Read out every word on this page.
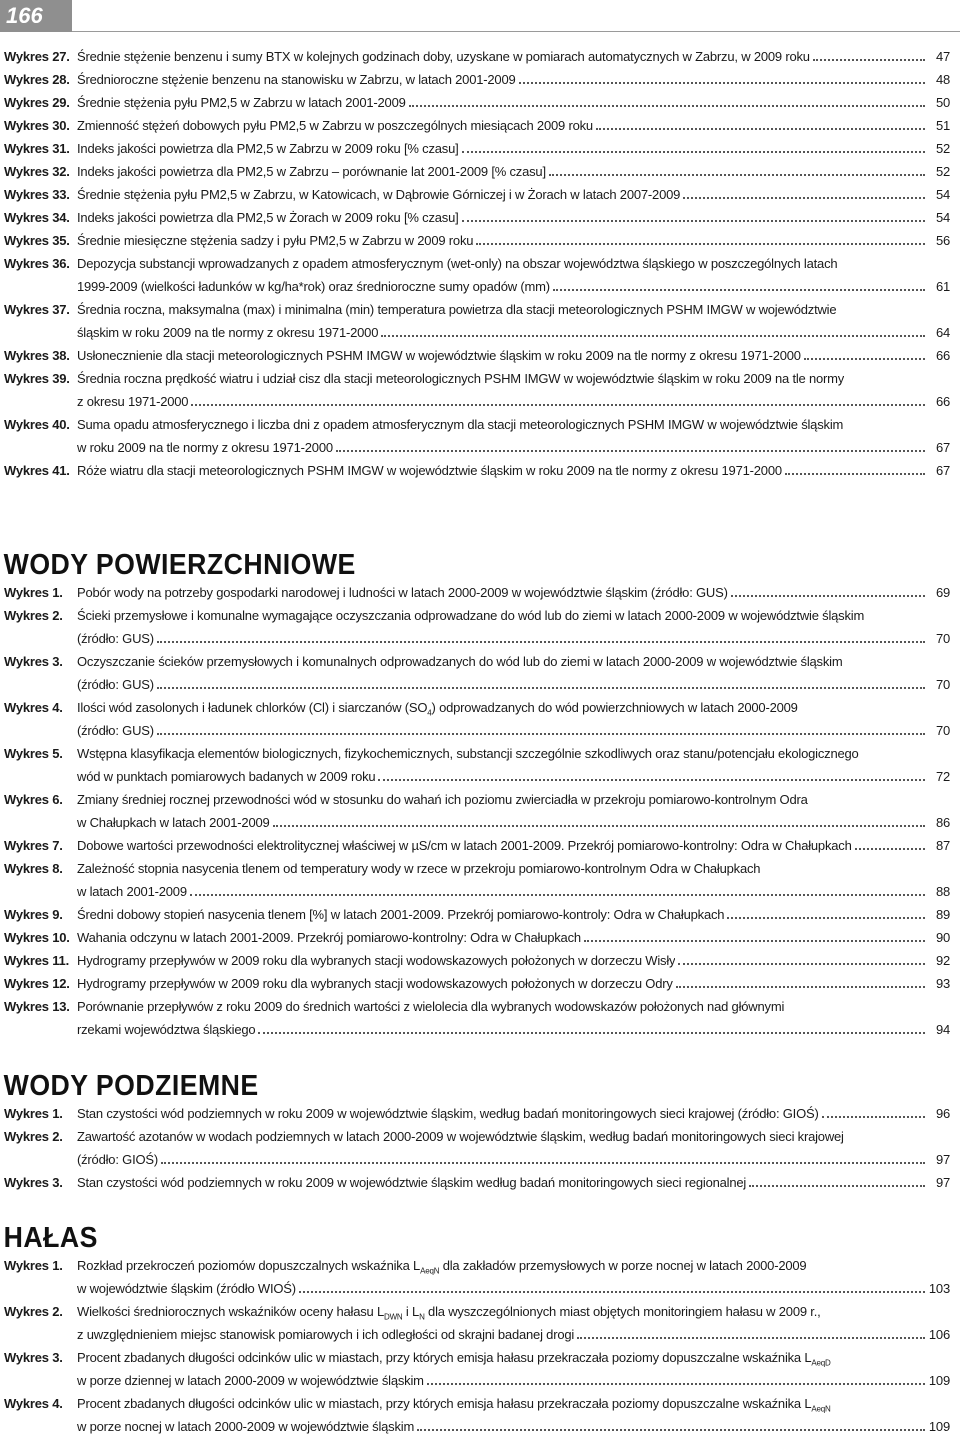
166
Wykres 27. Średnie stężenie benzenu i sumy BTX w kolejnych godzinach doby, uzyskane w pomiarach automatycznych w Zabrzu, w 2009 roku	47
Wykres 28. Średnioroczne stężenie benzenu na stanowisku w Zabrzu, w latach 2001-2009	48
Wykres 29. Średnie stężenia pyłu PM2,5 w Zabrzu w latach 2001-2009	50
Wykres 30. Zmienność stężeń dobowych pyłu PM2,5 w Zabrzu w poszczególnych miesiącach 2009 roku	51
Wykres 31. Indeks jakości powietrza dla PM2,5 w Zabrzu w 2009 roku [% czasu]	52
Wykres 32. Indeks jakości powietrza dla PM2,5 w Zabrzu – porównanie lat 2001-2009 [% czasu]	52
Wykres 33. Średnie stężenia pyłu PM2,5 w Zabrzu, w Katowicach, w Dąbrowie Górniczej i w Żorach w latach 2007-2009	54
Wykres 34. Indeks jakości powietrza dla PM2,5 w Żorach w 2009 roku [% czasu]	54
Wykres 35. Średnie miesięczne stężenia sadzy i pyłu PM2,5 w Zabrzu w 2009 roku	56
Wykres 36. Depozycja substancji wprowadzanych z opadem atmosferycznym (wet-only) na obszar województwa śląskiego w poszczególnych latach
1999-2009 (wielkości ładunków w kg/ha*rok) oraz średnioroczne sumy opadów (mm)	61
Wykres 37. Średnia roczna, maksymalna (max) i minimalna (min) temperatura powietrza dla stacji meteorologicznych PSHM IMGW w województwie
śląskim w roku 2009 na tle normy z okresu 1971-2000	64
Wykres 38. Usłonecznienie dla stacji meteorologicznych PSHM IMGW w województwie śląskim w roku 2009 na tle normy z okresu 1971-2000	66
Wykres 39. Średnia roczna prędkość wiatru i udział cisz dla stacji meteorologicznych PSHM IMGW w województwie śląskim w roku 2009 na tle normy
z okresu 1971-2000	66
Wykres 40. Suma opadu atmosferycznego i liczba dni z opadem atmosferycznym dla stacji meteorologicznych PSHM IMGW w województwie śląskim
w roku 2009 na tle normy z okresu 1971-2000	67
Wykres 41. Róże wiatru dla stacji meteorologicznych PSHM IMGW w województwie śląskim w roku 2009 na tle normy z okresu 1971-2000	67
WODY POWIERZCHNIOWE
Wykres 1.	Pobór wody na potrzeby gospodarki narodowej i ludności w latach 2000-2009 w województwie śląskim (źródło: GUS)	69
Wykres 2.	Ścieki przemysłowe i komunalne wymagające oczyszczania odprowadzane do wód lub do ziemi w latach 2000-2009 w województwie śląskim
(źródło: GUS)	70
Wykres 3.	Oczyszczanie ścieków przemysłowych i komunalnych odprowadzanych do wód lub do ziemi w latach 2000-2009 w województwie śląskim
(źródło: GUS)	70
Wykres 4.	Ilości wód zasolonych i ładunek chlorków (Cl) i siarczanów $(SO_4)$ odprowadzanych do wód powierzchniowych w latach 2000-2009
(źródło: GUS)	70
Wykres 5.	Wstępna klasyfikacja elementów biologicznych, fizykochemicznych, substancji szczególnie szkodliwych oraz stanu/potencjału ekologicznego
wód w punktach pomiarowych badanych w 2009 roku	72
Wykres 6.	Zmiany średniej rocznej przewodności wód w stosunku do wahań ich poziomu zwierciadła w przekroju pomiarowo-kontrolnym Odra
w Chałupkach w latach 2001-2009	86
Wykres 7.	Dobowe wartości przewodności elektrolitycznej właściwej w µS/cm w latach 2001-2009. Przekrój pomiarowo-kontrolny: Odra w Chałupkach	87
Wykres 8.	Zależność stopnia nasycenia tlenem od temperatury wody w rzece w przekroju pomiarowo-kontrolnym Odra w Chałupkach
w latach 2001-2009	88
Wykres 9.	Średni dobowy stopień nasycenia tlenem [%] w latach 2001-2009. Przekrój pomiarowo-kontroly: Odra w Chałupkach	89
Wykres 10. Wahania odczynu w latach 2001-2009. Przekrój pomiarowo-kontrolny: Odra w Chałupkach	90
Wykres 11. Hydrogramy przepływów w 2009 roku dla wybranych stacji wodowskazowych położonych w dorzeczu Wisły	92
Wykres 12. Hydrogramy przepływów w 2009 roku dla wybranych stacji wodowskazowych położonych w dorzeczu Odry	93
Wykres 13. Porównanie przepływów z roku 2009 do średnich wartości z wielolecia dla wybranych wodowskazów położonych nad głównymi
rzekami województwa śląskiego	94
WODY PODZIEMNE
Wykres 1.	Stan czystości wód podziemnych w roku 2009 w województwie śląskim, według badań monitoringowych sieci krajowej (źródło: GIOŚ)	96
Wykres 2.	Zawartość azotanów w wodach podziemnych w latach 2000-2009 w województwie śląskim, według badań monitoringowych sieci krajowej
(źródło: GIOŚ)	97
Wykres 3.	Stan czystości wód podziemnych w roku 2009 w województwie śląskim według badań monitoringowych sieci regionalnej	97
HAŁAS
Wykres 1.	Rozkład przekroczeń poziomów dopuszczalnych wskaźnika $L_{AeqN}$ dla zakładów przemysłowych w porze nocnej w latach 2000-2009
w województwie śląskim (źródło WIOŚ)	103
Wykres 2.	Wielkości średniorocznych wskaźników oceny hałasu $L_{DWN}$ i $L_N$ dla wyszczególnionych miast objętych monitoringiem hałasu w 2009 r.,
z uwzględnieniem miejsc stanowisk pomiarowych i ich odległości od skrajni badanej drogi	106
Wykres 3.	Procent zbadanych długości odcinków ulic w miastach, przy których emisja hałasu przekraczała poziomy dopuszczalne wskaźnika $L_{AeqD}$
w porze dziennej w latach 2000-2009 w województwie śląskim	109
Wykres 4.	Procent zbadanych długości odcinków ulic w miastach, przy których emisja hałasu przekraczała poziomy dopuszczalne wskaźnika $L_{AeqN}$
w porze nocnej w latach 2000-2009 w województwie śląskim	109
